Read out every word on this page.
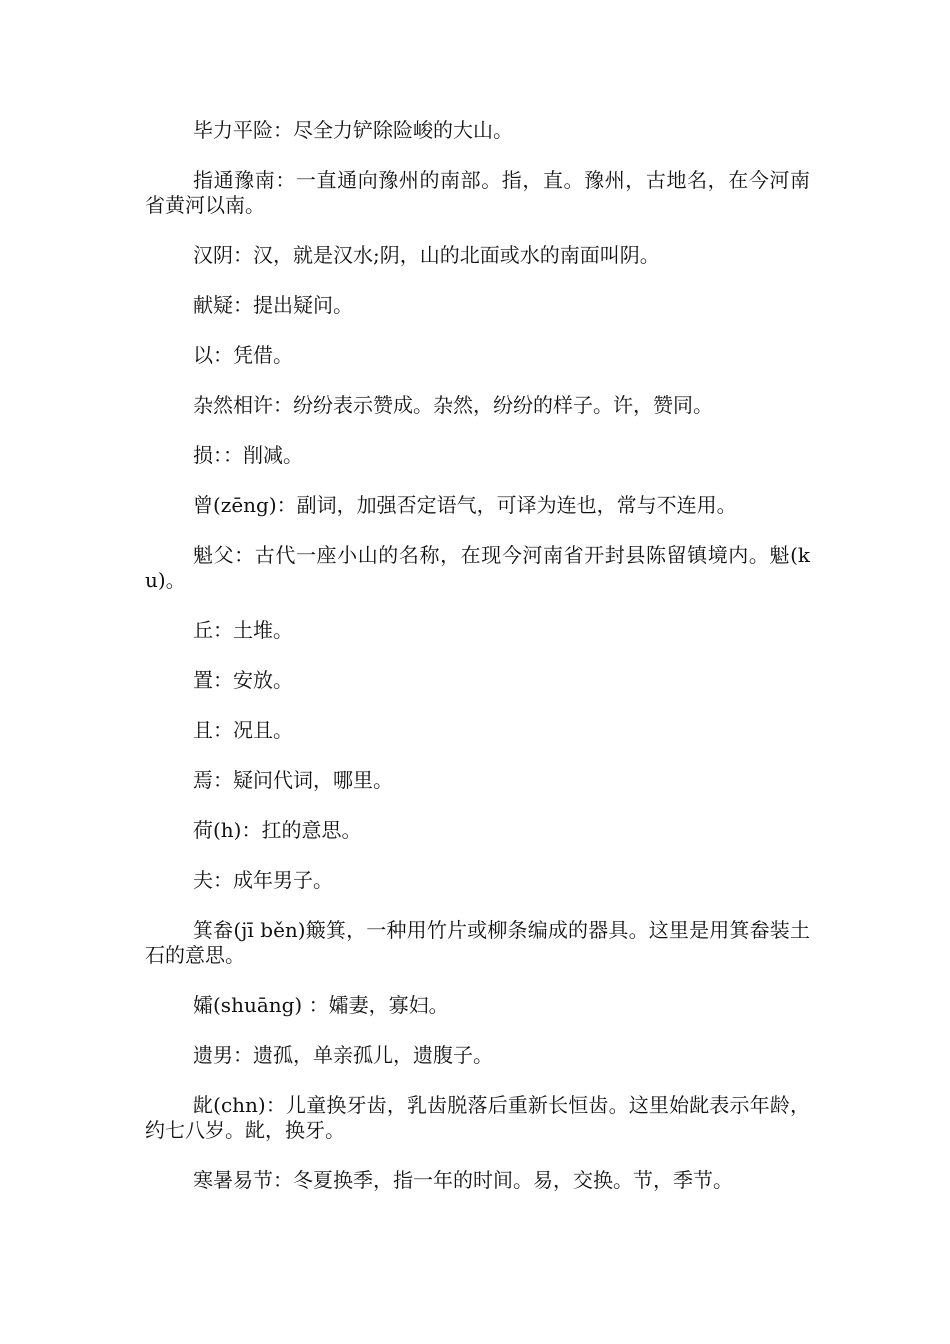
毕力平险：尽全力铲除险峻的大山。

指通豫南：一直通向豫州的南部。指，直。豫州，古地名，在今河南省黄河以南。

汉阴：汉，就是汉水;阴，山的北面或水的南面叫阴。

献疑：提出疑问。

以：凭借。

杂然相许：纷纷表示赞成。杂然，纷纷的样子。许，赞同。

损：：削减。

曾(zēng)：副词，加强否定语气，可译为连也，常与不连用。

魁父：古代一座小山的名称，在现今河南省开封县陈留镇境内。魁(ku)。

丘：土堆。

置：安放。

且：况且。

焉：疑问代词，哪里。

荷(h)：扛的意思。

夫：成年男子。

箕畚(jī běn)簸箕，一种用竹片或柳条编成的器具。这里是用箕畚装土石的意思。

孀(shuāng) ：孀妻，寡妇。

遗男：遗孤，单亲孤儿，遗腹子。

龀(chn)：儿童换牙齿，乳齿脱落后重新长恒齿。这里始龀表示年龄，约七八岁。龀，换牙。

寒暑易节：冬夏换季，指一年的时间。易，交换。节，季节。
